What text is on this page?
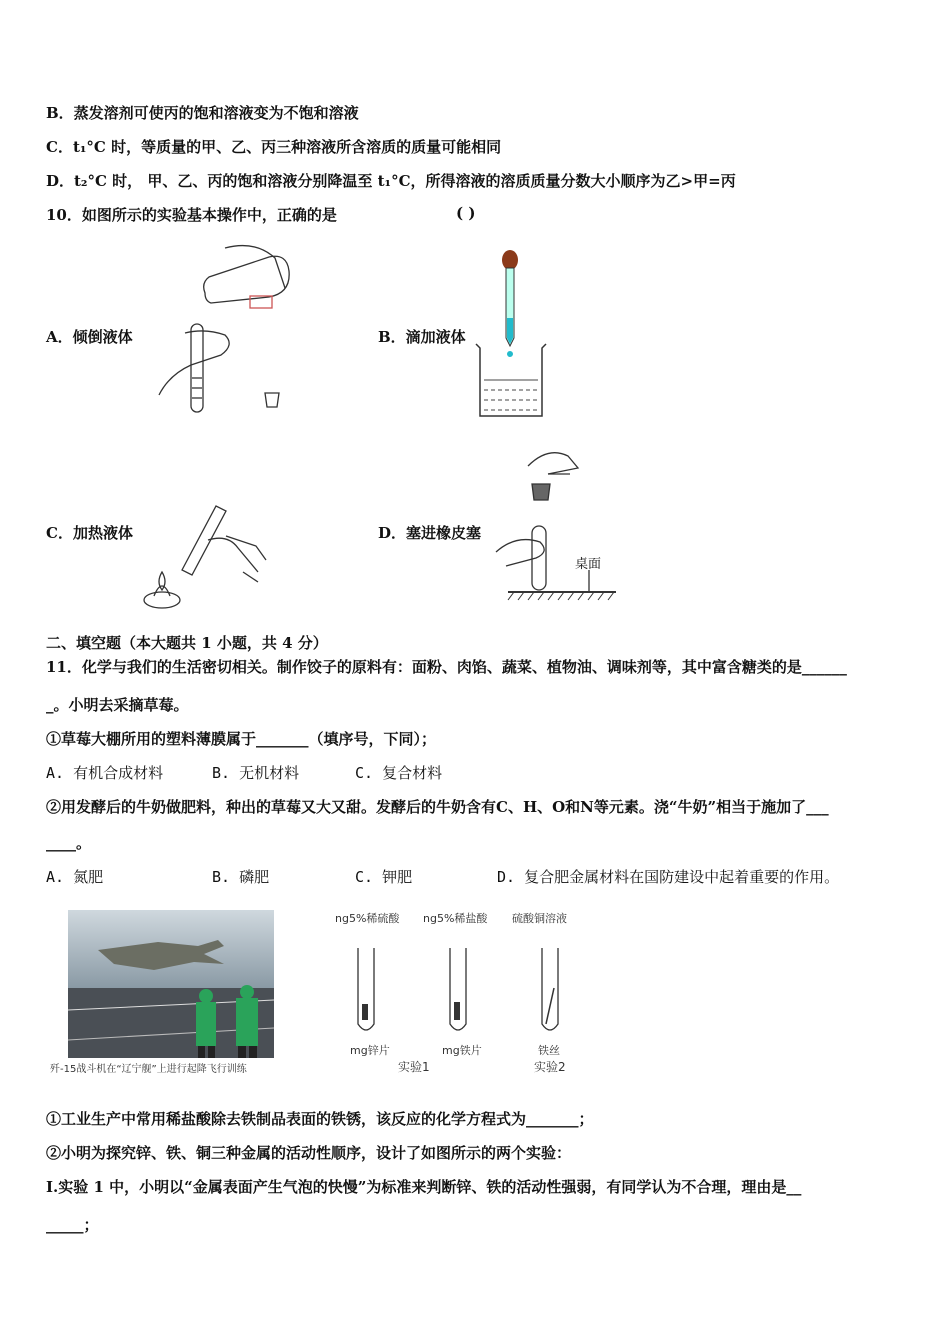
B．蒸发溶剂可使丙的饱和溶液变为不饱和溶液
C．t₁°C 时，等质量的甲、乙、丙三种溶液所含溶质的质量可能相同
D．t₂°C 时， 甲、乙、丙的饱和溶液分别降温至 t₁°C，所得溶液的溶质质量分数大小顺序为乙>甲=丙
10．如图所示的实验基本操作中，正确的是	( )
A．倾倒液体	B．滴加液体
C．加热液体	D．塞进橡皮塞
桌面
二、填空题（本大题共 1 小题，共 4 分）
11．化学与我们的生活密切相关。制作饺子的原料有：面粉、肉馅、蔬菜、植物油、调味剂等，其中富含糖类的是______
_。小明去采摘草莓。
①草莓大棚所用的塑料薄膜属于_______（填序号，下同）；
A. 有机合成材料	B. 无机材料	C. 复合材料
②用发酵后的牛奶做肥料，种出的草莓又大又甜。发酵后的牛奶含有C、H、O和N等元素。浇“牛奶”相当于施加了___
____。
A. 氮肥	B. 磷肥	C. 钾肥	D. 复合肥金属材料在国防建设中起着重要的作用。
歼-15战斗机在“辽宁舰”上进行起降飞行训练
ng5%稀硫酸 ng5%稀盐酸 硫酸铜溶液
mg锌片	mg铁片	铁丝
实验1	实验2
①工业生产中常用稀盐酸除去铁制品表面的铁锈，该反应的化学方程式为_______；
②小明为探究锌、铁、铜三种金属的活动性顺序，设计了如图所示的两个实验：
Ⅰ.实验 1 中，小明以“金属表面产生气泡的快慢”为标准来判断锌、铁的活动性强弱，有同学认为不合理，理由是__
_____；
